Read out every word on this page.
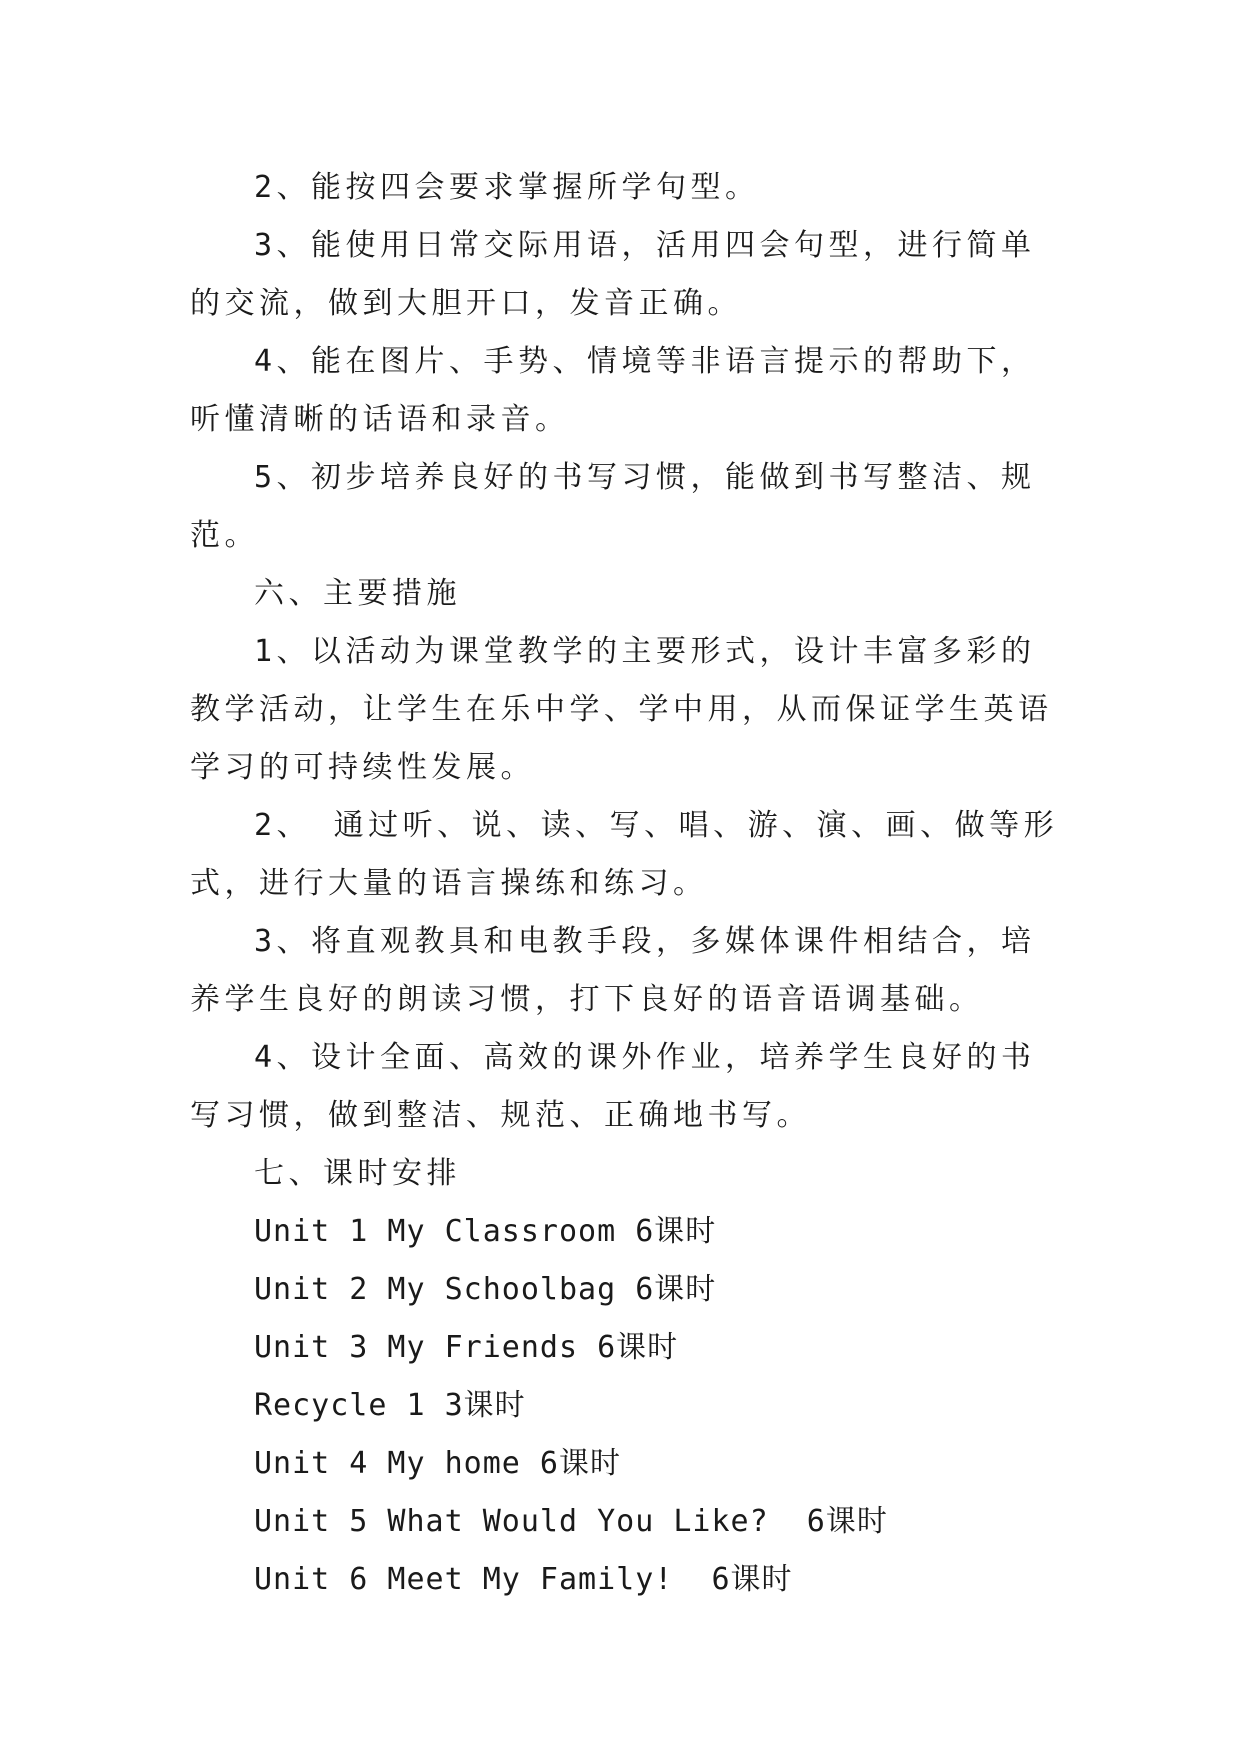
2、能按四会要求掌握所学句型。

3、能使用日常交际用语，活用四会句型，进行简单的交流，做到大胆开口，发音正确。

4、能在图片、手势、情境等非语言提示的帮助下，听懂清晰的话语和录音。

5、初步培养良好的书写习惯，能做到书写整洁、规范。

六、主要措施

1、以活动为课堂教学的主要形式，设计丰富多彩的教学活动，让学生在乐中学、学中用，从而保证学生英语学习的可持续性发展。

2、 通过听、说、读、写、唱、游、演、画、做等形式，进行大量的语言操练和练习。

3、将直观教具和电教手段，多媒体课件相结合，培养学生良好的朗读习惯，打下良好的语音语调基础。

4、设计全面、高效的课外作业，培养学生良好的书写习惯，做到整洁、规范、正确地书写。

七、课时安排

Unit 1 My Classroom 6课时

Unit 2 My Schoolbag 6课时

Unit 3 My Friends 6课时

Recycle 1 3课时

Unit 4 My home 6课时

Unit 5 What Would You Like?  6课时

Unit 6 Meet My Family!  6课时
